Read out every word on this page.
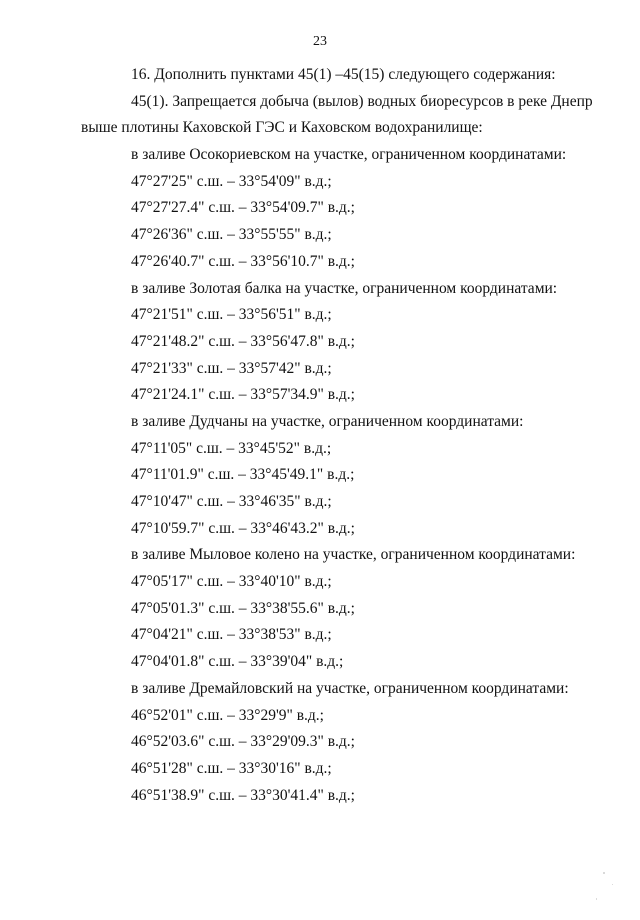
23
16. Дополнить пунктами 45(1) –45(15) следующего содержания:
45(1). Запрещается добыча (вылов) водных биоресурсов в реке Днепр
выше плотины Каховской ГЭС и Каховском водохранилище:
в заливе Осокориевском на участке, ограниченном координатами:
47°27'25" с.ш. – 33°54'09" в.д.;
47°27'27.4" с.ш. – 33°54'09.7" в.д.;
47°26'36" с.ш. – 33°55'55" в.д.;
47°26'40.7" с.ш. – 33°56'10.7" в.д.;
в заливе Золотая балка на участке, ограниченном координатами:
47°21'51" с.ш. – 33°56'51" в.д.;
47°21'48.2" с.ш. – 33°56'47.8" в.д.;
47°21'33" с.ш. – 33°57'42" в.д.;
47°21'24.1" с.ш. – 33°57'34.9" в.д.;
в заливе Дудчаны на участке, ограниченном координатами:
47°11'05" с.ш. – 33°45'52" в.д.;
47°11'01.9" с.ш. – 33°45'49.1" в.д.;
47°10'47" с.ш. – 33°46'35" в.д.;
47°10'59.7" с.ш. – 33°46'43.2" в.д.;
в заливе Мыловое колено на участке, ограниченном координатами:
47°05'17" с.ш. – 33°40'10" в.д.;
47°05'01.3" с.ш. – 33°38'55.6" в.д.;
47°04'21" с.ш. – 33°38'53" в.д.;
47°04'01.8" с.ш. – 33°39'04" в.д.;
в заливе Дремайловский на участке, ограниченном координатами:
46°52'01" с.ш. – 33°29'9" в.д.;
46°52'03.6" с.ш. – 33°29'09.3" в.д.;
46°51'28" с.ш. – 33°30'16" в.д.;
46°51'38.9" с.ш. – 33°30'41.4" в.д.;
